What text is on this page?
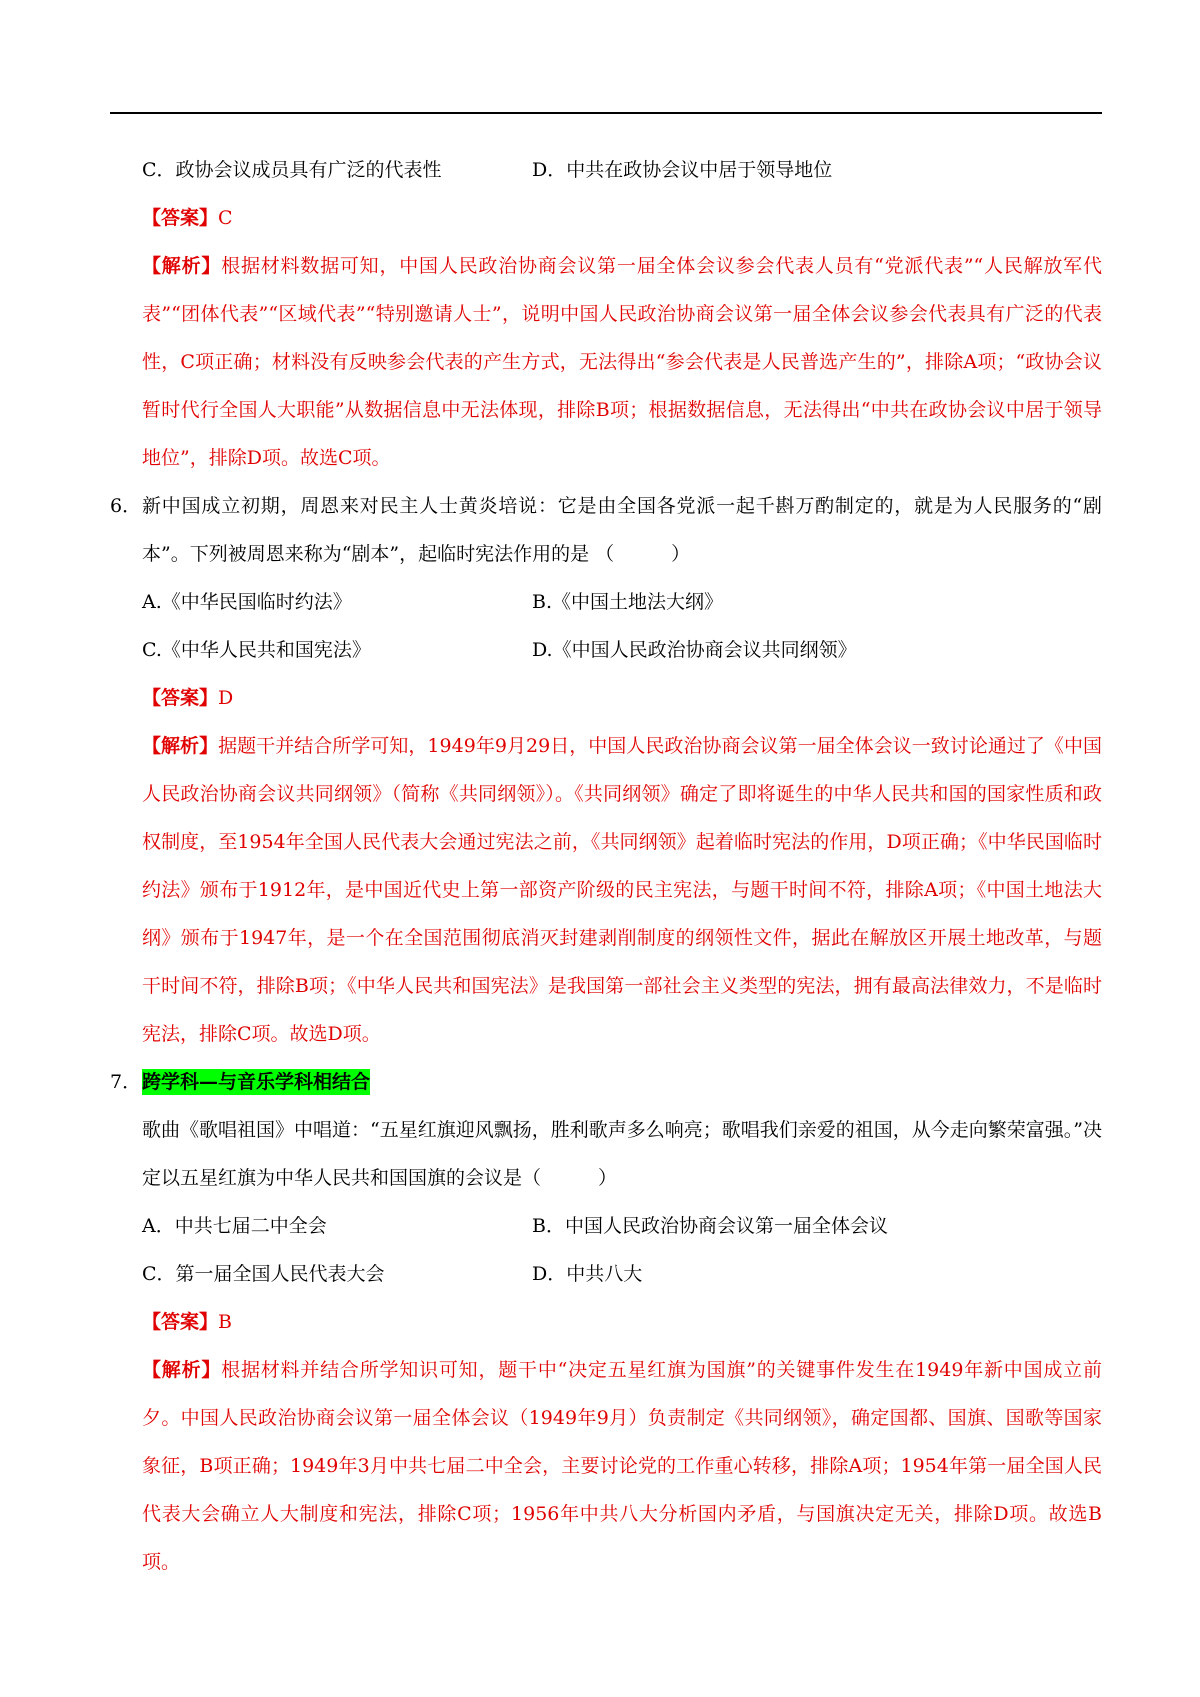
C．政协会议成员具有广泛的代表性	D．中共在政协会议中居于领导地位
【答案】C
【解析】根据材料数据可知，中国人民政治协商会议第一届全体会议参会代表人员有“党派代表”“人民解放军代表”“团体代表”“区域代表”“特别邀请人士”，说明中国人民政治协商会议第一届全体会议参会代表具有广泛的代表性，C项正确；材料没有反映参会代表的产生方式，无法得出“参会代表是人民普选产生的”，排除A项；“政协会议暂时代行全国人大职能”从数据信息中无法体现，排除B项；根据数据信息，无法得出“中共在政协会议中居于领导地位”，排除D项。故选C项。
6． 新中国成立初期，周恩来对民主人士黄炎培说：它是由全国各党派一起千斟万酌制定的，就是为人民服务的“剧本”。下列被周恩来称为“剧本”，起临时宪法作用的是 （　　　）
A.《中华民国临时约法》	B.《中国土地法大纲》
C.《中华人民共和国宪法》	D.《中国人民政治协商会议共同纲领》
【答案】D
【解析】据题干并结合所学可知，1949年9月29日，中国人民政治协商会议第一届全体会议一致讨论通过了《中国人民政治协商会议共同纲领》（简称《共同纲领》）。《共同纲领》确定了即将诞生的中华人民共和国的国家性质和政权制度，至1954年全国人民代表大会通过宪法之前，《共同纲领》起着临时宪法的作用，D项正确；《中华民国临时约法》颁布于1912年，是中国近代史上第一部资产阶级的民主宪法，与题干时间不符，排除A项；《中国土地法大纲》颁布于1947年，是一个在全国范围彻底消灭封建剥削制度的纲领性文件，据此在解放区开展土地改革，与题干时间不符，排除B项；《中华人民共和国宪法》是我国第一部社会主义类型的宪法，拥有最高法律效力，不是临时宪法，排除C项。故选D项。
7． 跨学科—与音乐学科相结合
歌曲《歌唱祖国》中唱道：“五星红旗迎风飘扬，胜利歌声多么响亮；歌唱我们亲爱的祖国，从今走向繁荣富强。”决定以五星红旗为中华人民共和国国旗的会议是（　　　）
A．中共七届二中全会	B．中国人民政治协商会议第一届全体会议
C．第一届全国人民代表大会	D．中共八大
【答案】B
【解析】根据材料并结合所学知识可知，题干中“决定五星红旗为国旗”的关键事件发生在1949年新中国成立前夕。中国人民政治协商会议第一届全体会议（1949年9月）负责制定《共同纲领》，确定国都、国旗、国歌等国家象征，B项正确；1949年3月中共七届二中全会，主要讨论党的工作重心转移，排除A项；1954年第一届全国人民代表大会确立人大制度和宪法，排除C项；1956年中共八大分析国内矛盾，与国旗决定无关，排除D项。故选B项。
